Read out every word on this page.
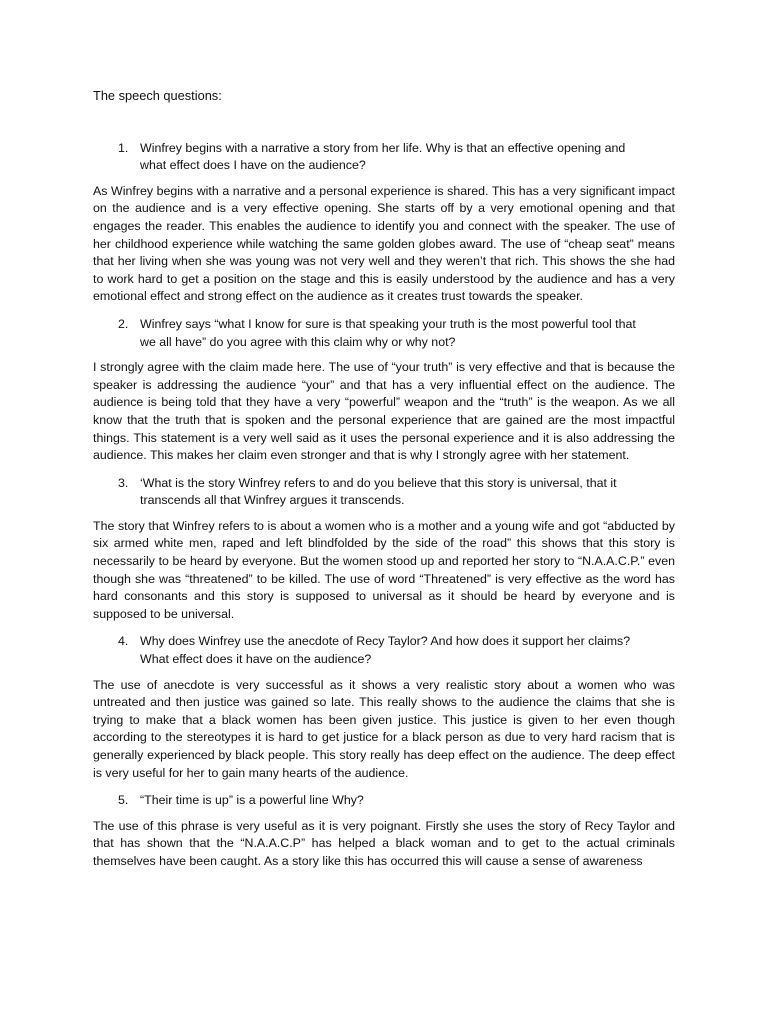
The speech questions:

1. Winfrey begins with a narrative a story from her life. Why is that an effective opening and what effect does I have on the audience?

As Winfrey begins with a narrative and a personal experience is shared. This has a very significant impact on the audience and is a very effective opening. She starts off by a very emotional opening and that engages the reader. This enables the audience to identify you and connect with the speaker. The use of her childhood experience while watching the same golden globes award. The use of “cheap seat” means that her living when she was young was not very well and they weren’t that rich. This shows the she had to work hard to get a position on the stage and this is easily understood by the audience and has a very emotional effect and strong effect on the audience as it creates trust towards the speaker.

2. Winfrey says “what I know for sure is that speaking your truth is the most powerful tool that we all have” do you agree with this claim why or why not?

I strongly agree with the claim made here. The use of “your truth” is very effective and that is because the speaker is addressing the audience “your” and that has a very influential effect on the audience. The audience is being told that they have a very “powerful” weapon and the “truth” is the weapon. As we all know that the truth that is spoken and the personal experience that are gained are the most impactful things. This statement is a very well said as it uses the personal experience and it is also addressing the audience. This makes her claim even stronger and that is why I strongly agree with her statement.

3. ‘What is the story Winfrey refers to and do you believe that this story is universal, that it transcends all that Winfrey argues it transcends.

The story that Winfrey refers to is about a women who is a mother and a young wife and got “abducted by six armed white men, raped and left blindfolded by the side of the road” this shows that this story is necessarily to be heard by everyone. But the women stood up and reported her story to “N.A.A.C.P.” even though she was “threatened” to be killed. The use of word “Threatened” is very effective as the word has hard consonants and this story is supposed to universal as it should be heard by everyone and is supposed to be universal.

4. Why does Winfrey use the anecdote of Recy Taylor? And how does it support her claims? What effect does it have on the audience?

The use of anecdote is very successful as it shows a very realistic story about a women who was untreated and then justice was gained so late. This really shows to the audience the claims that she is trying to make that a black women has been given justice. This justice is given to her even though according to the stereotypes it is hard to get justice for a black person as due to very hard racism that is generally experienced by black people. This story really has deep effect on the audience. The deep effect is very useful for her to gain many hearts of the audience.

5. “Their time is up” is a powerful line Why?

The use of this phrase is very useful as it is very poignant. Firstly she uses the story of Recy Taylor and that has shown that the “N.A.A.C.P” has helped a black woman and to get to the actual criminals themselves have been caught. As a story like this has occurred this will cause a sense of awareness
